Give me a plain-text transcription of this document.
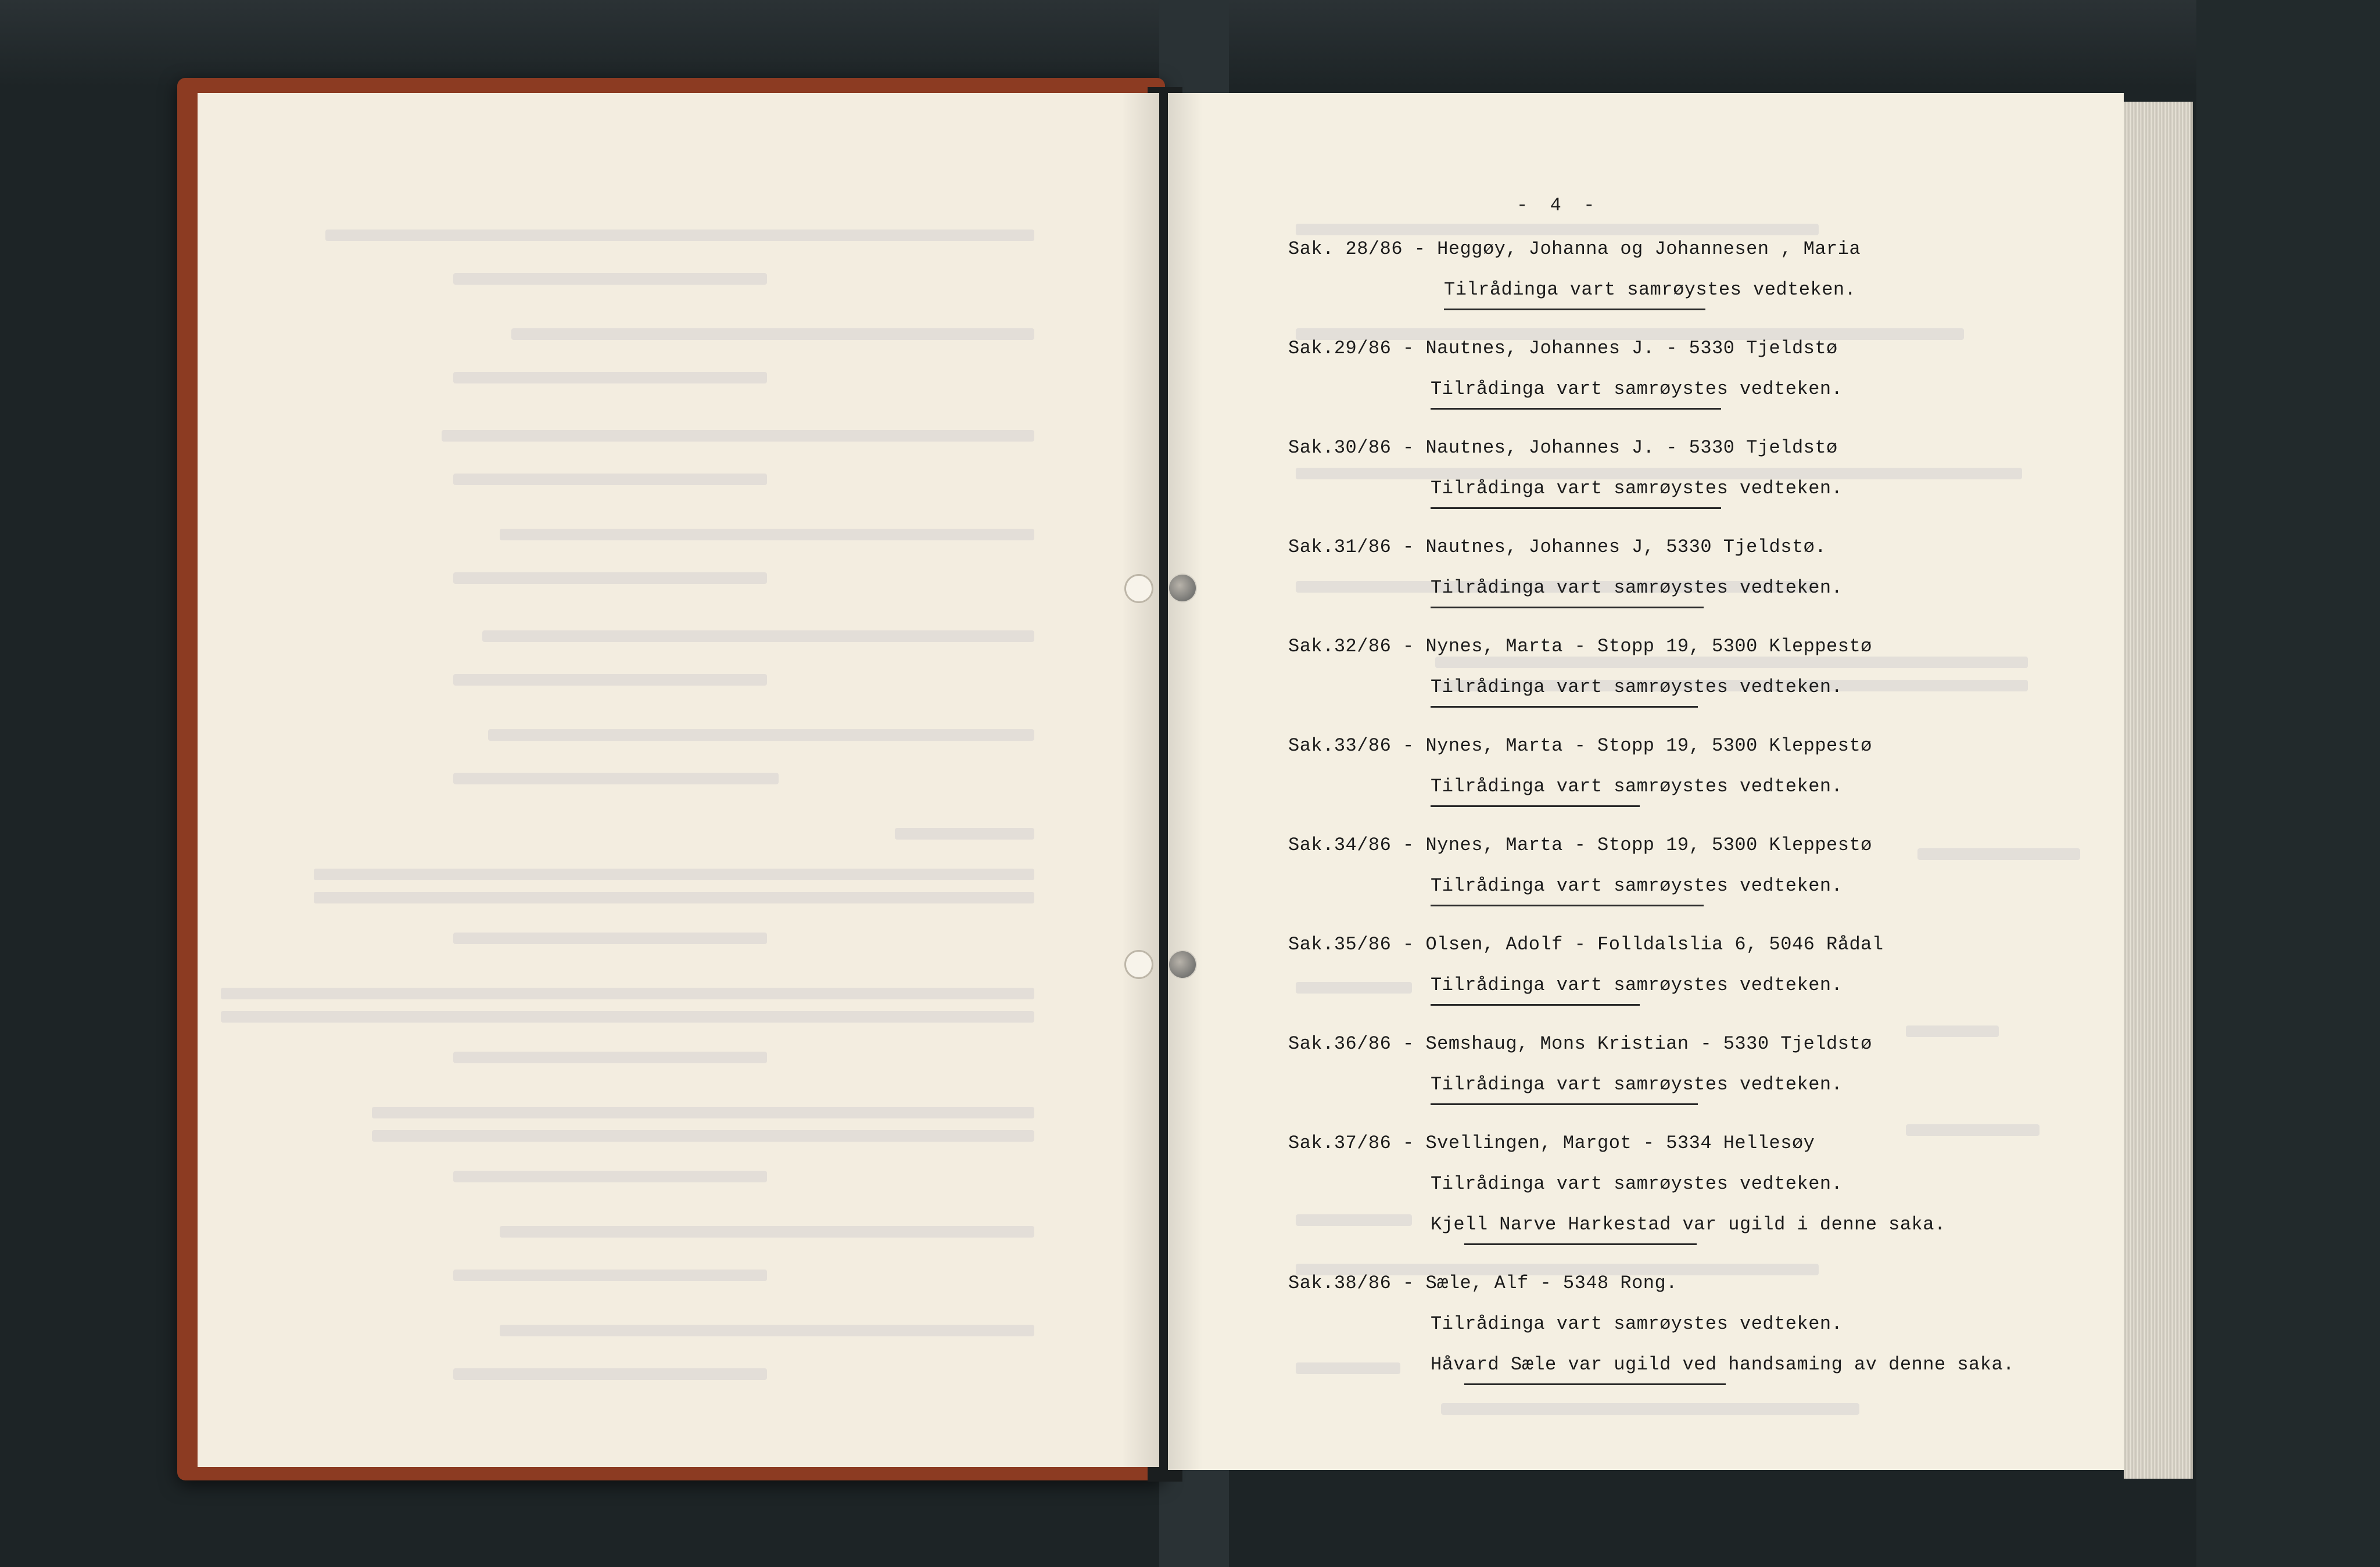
-  4  -
Sak. 28/86 - Heggøy, Johanna og Johannesen , Maria
Tilrådinga vart samrøystes vedteken.
Sak.29/86 - Nautnes, Johannes J. - 5330 Tjeldstø
Tilrådinga vart samrøystes vedteken.
Sak.30/86 - Nautnes, Johannes J. - 5330 Tjeldstø
Tilrådinga vart samrøystes vedteken.
Sak.31/86 - Nautnes, Johannes J, 5330 Tjeldstø.
Tilrådinga vart samrøystes vedteken.
Sak.32/86 - Nynes, Marta - Stopp 19, 5300 Kleppestø
Tilrådinga vart samrøystes vedteken.
Sak.33/86 - Nynes, Marta - Stopp 19, 5300 Kleppestø
Tilrådinga vart samrøystes vedteken.
Sak.34/86 - Nynes, Marta - Stopp 19, 5300 Kleppestø
Tilrådinga vart samrøystes vedteken.
Sak.35/86 - Olsen, Adolf - Folldalslia 6, 5046 Rådal
Tilrådinga vart samrøystes vedteken.
Sak.36/86 - Semshaug, Mons Kristian - 5330 Tjeldstø
Tilrådinga vart samrøystes vedteken.
Sak.37/86 - Svellingen, Margot - 5334 Hellesøy
Tilrådinga vart samrøystes vedteken.
Kjell Narve Harkestad var ugild i denne saka.
Sak.38/86 - Sæle, Alf - 5348 Rong.
Tilrådinga vart samrøystes vedteken.
Håvard Sæle var ugild ved handsaming av denne saka.
